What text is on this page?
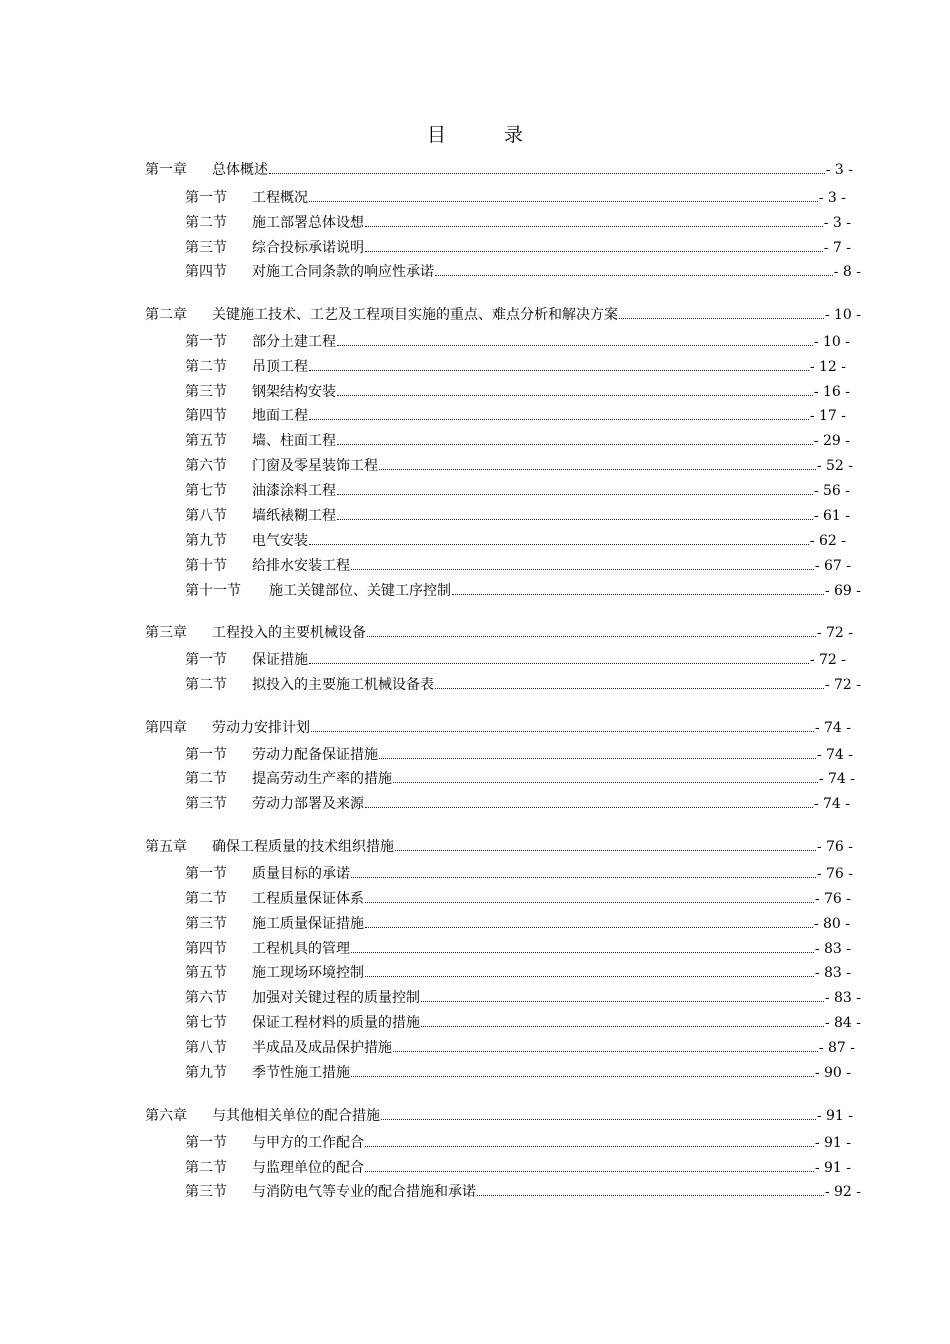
目 录
第一章	总体概述	- 3 -
第一节	工程概况	- 3 -
第二节	施工部署总体设想	- 3 -
第三节	综合投标承诺说明	- 7 -
第四节	对施工合同条款的响应性承诺	- 8 -
第二章	关键施工技术、工艺及工程项目实施的重点、难点分析和解决方案	- 10 -
第一节	部分土建工程	- 10 -
第二节	吊顶工程	- 12 -
第三节	钢架结构安装	- 16 -
第四节	地面工程	- 17 -
第五节	墙、柱面工程	- 29 -
第六节	门窗及零星装饰工程	- 52 -
第七节	油漆涂料工程	- 56 -
第八节	墙纸裱糊工程	- 61 -
第九节	电气安装	- 62 -
第十节	给排水安装工程	- 67 -
第十一节	施工关键部位、关键工序控制	- 69 -
第三章	工程投入的主要机械设备	- 72 -
第一节	保证措施	- 72 -
第二节	拟投入的主要施工机械设备表	- 72 -
第四章	劳动力安排计划	- 74 -
第一节	劳动力配备保证措施	- 74 -
第二节	提高劳动生产率的措施	- 74 -
第三节	劳动力部署及来源	- 74 -
第五章	确保工程质量的技术组织措施	- 76 -
第一节	质量目标的承诺	- 76 -
第二节	工程质量保证体系	- 76 -
第三节	施工质量保证措施	- 80 -
第四节	工程机具的管理	- 83 -
第五节	施工现场环境控制	- 83 -
第六节	加强对关键过程的质量控制	- 83 -
第七节	保证工程材料的质量的措施	- 84 -
第八节	半成品及成品保护措施	- 87 -
第九节	季节性施工措施	- 90 -
第六章	与其他相关单位的配合措施	- 91 -
第一节	与甲方的工作配合	- 91 -
第二节	与监理单位的配合	- 91 -
第三节	与消防电气等专业的配合措施和承诺	- 92 -
